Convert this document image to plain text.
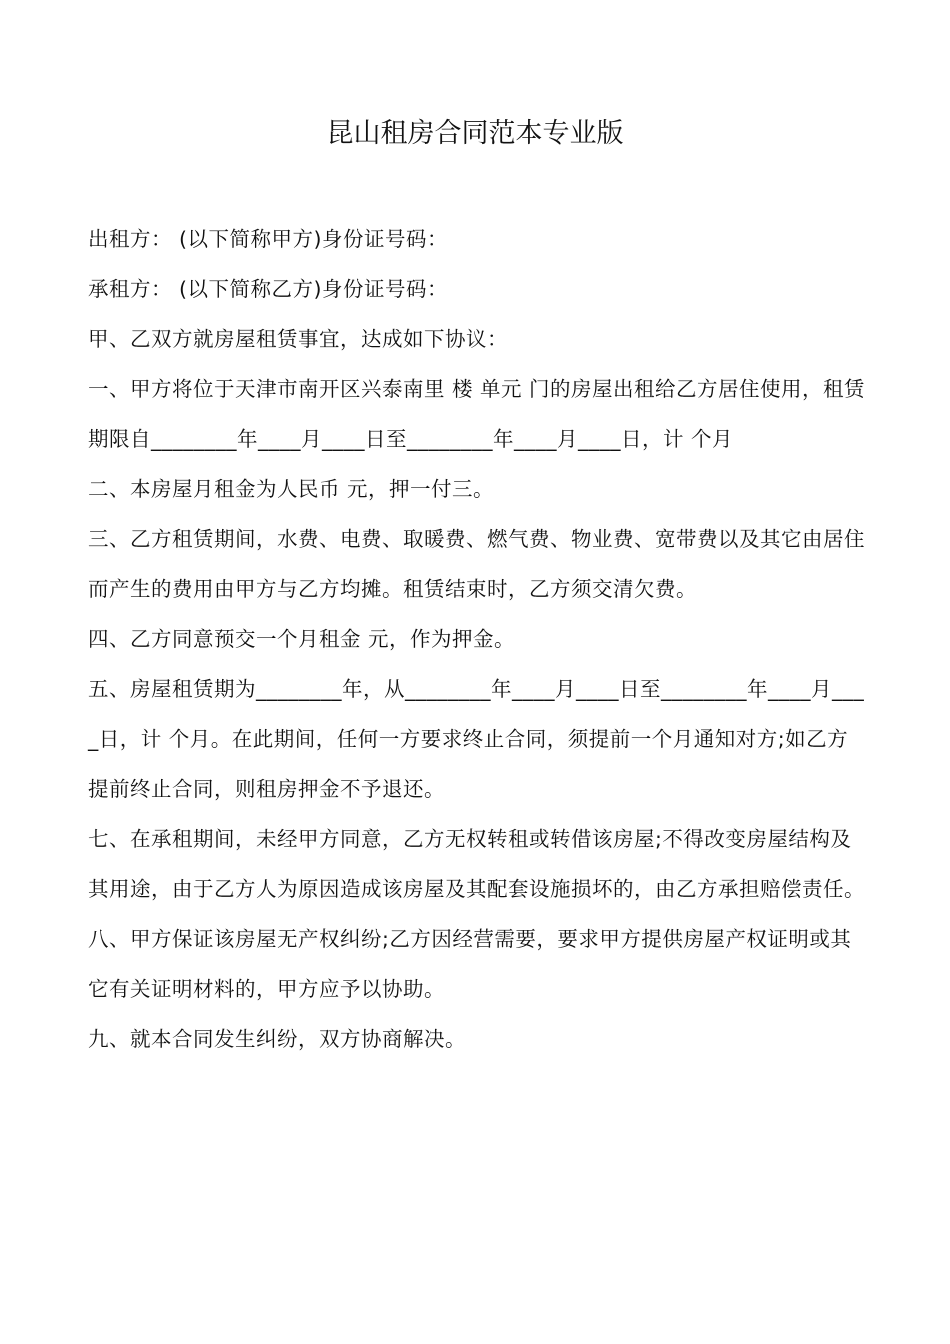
昆山租房合同范本专业版

出租方： (以下简称甲方)身份证号码：

承租方： (以下简称乙方)身份证号码：

甲、乙双方就房屋租赁事宜，达成如下协议：

一、甲方将位于天津市南开区兴泰南里 楼 单元 门的房屋出租给乙方居住使用，租赁期限自________年____月____日至________年____月____日，计 个月

二、本房屋月租金为人民币 元，押一付三。

三、乙方租赁期间，水费、电费、取暖费、燃气费、物业费、宽带费以及其它由居住而产生的费用由甲方与乙方均摊。租赁结束时，乙方须交清欠费。

四、乙方同意预交一个月租金 元，作为押金。

五、房屋租赁期为________年，从________年____月____日至________年____月____日，计 个月。在此期间，任何一方要求终止合同，须提前一个月通知对方;如乙方提前终止合同，则租房押金不予退还。

七、在承租期间，未经甲方同意，乙方无权转租或转借该房屋;不得改变房屋结构及其用途，由于乙方人为原因造成该房屋及其配套设施损坏的，由乙方承担赔偿责任。

八、甲方保证该房屋无产权纠纷;乙方因经营需要，要求甲方提供房屋产权证明或其它有关证明材料的，甲方应予以协助。

九、就本合同发生纠纷，双方协商解决。
